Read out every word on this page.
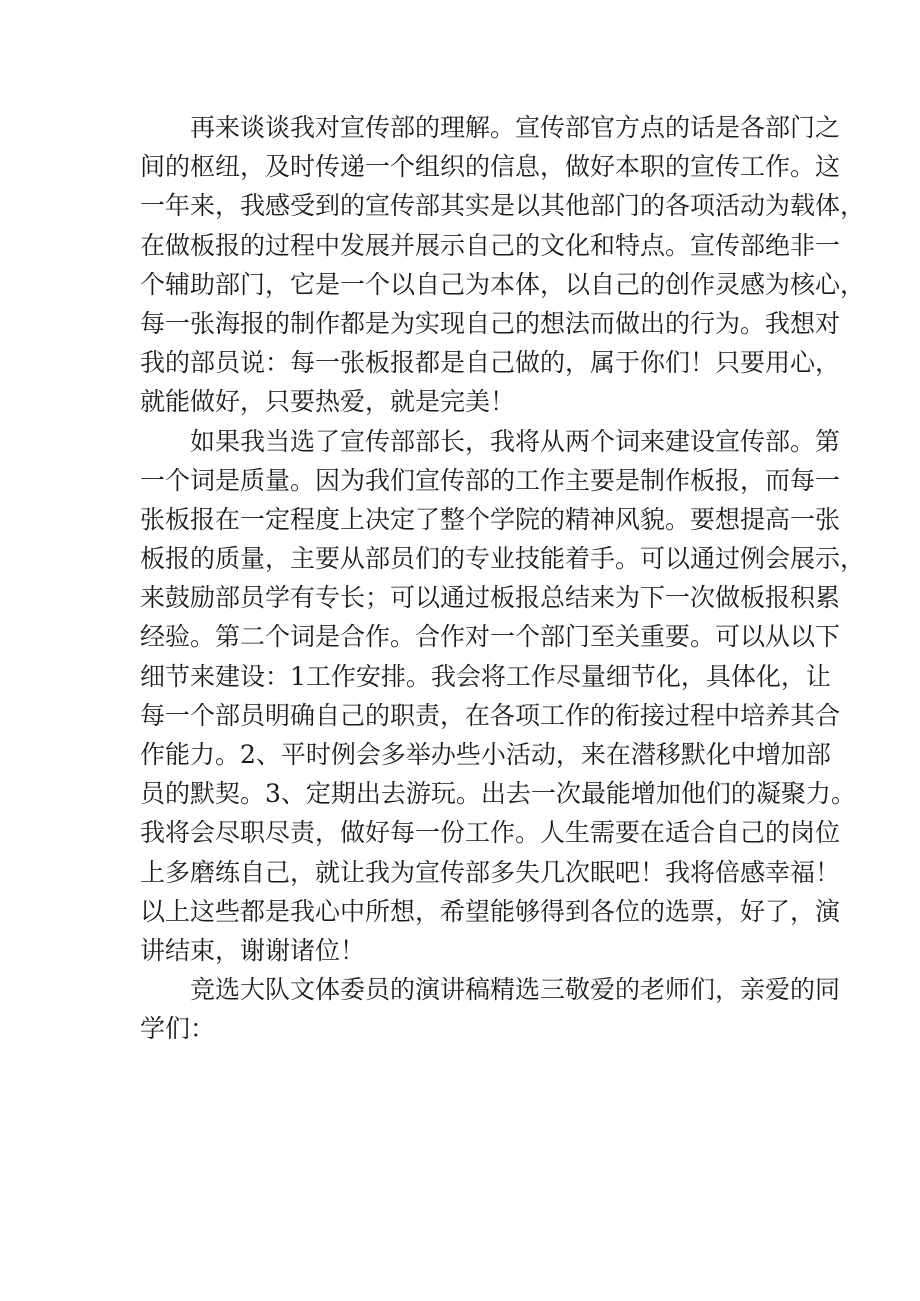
再来谈谈我对宣传部的理解。宣传部官方点的话是各部门之
间的枢纽，及时传递一个组织的信息，做好本职的宣传工作。这
一年来，我感受到的宣传部其实是以其他部门的各项活动为载体，
在做板报的过程中发展并展示自己的文化和特点。宣传部绝非一
个辅助部门，它是一个以自己为本体，以自己的创作灵感为核心，
每一张海报的制作都是为实现自己的想法而做出的行为。我想对
我的部员说：每一张板报都是自己做的，属于你们！只要用心，
就能做好，只要热爱，就是完美！
如果我当选了宣传部部长，我将从两个词来建设宣传部。第
一个词是质量。因为我们宣传部的工作主要是制作板报，而每一
张板报在一定程度上决定了整个学院的精神风貌。要想提高一张
板报的质量，主要从部员们的专业技能着手。可以通过例会展示，
来鼓励部员学有专长；可以通过板报总结来为下一次做板报积累
经验。第二个词是合作。合作对一个部门至关重要。可以从以下
细节来建设：1工作安排。我会将工作尽量细节化，具体化，让
每一个部员明确自己的职责，在各项工作的衔接过程中培养其合
作能力。2、平时例会多举办些小活动，来在潜移默化中增加部
员的默契。3、定期出去游玩。出去一次最能增加他们的凝聚力。
我将会尽职尽责，做好每一份工作。人生需要在适合自己的岗位
上多磨练自己，就让我为宣传部多失几次眠吧！我将倍感幸福！
以上这些都是我心中所想，希望能够得到各位的选票，好了，演
讲结束，谢谢诸位！
竞选大队文体委员的演讲稿精选三敬爱的老师们，亲爱的同
学们：
